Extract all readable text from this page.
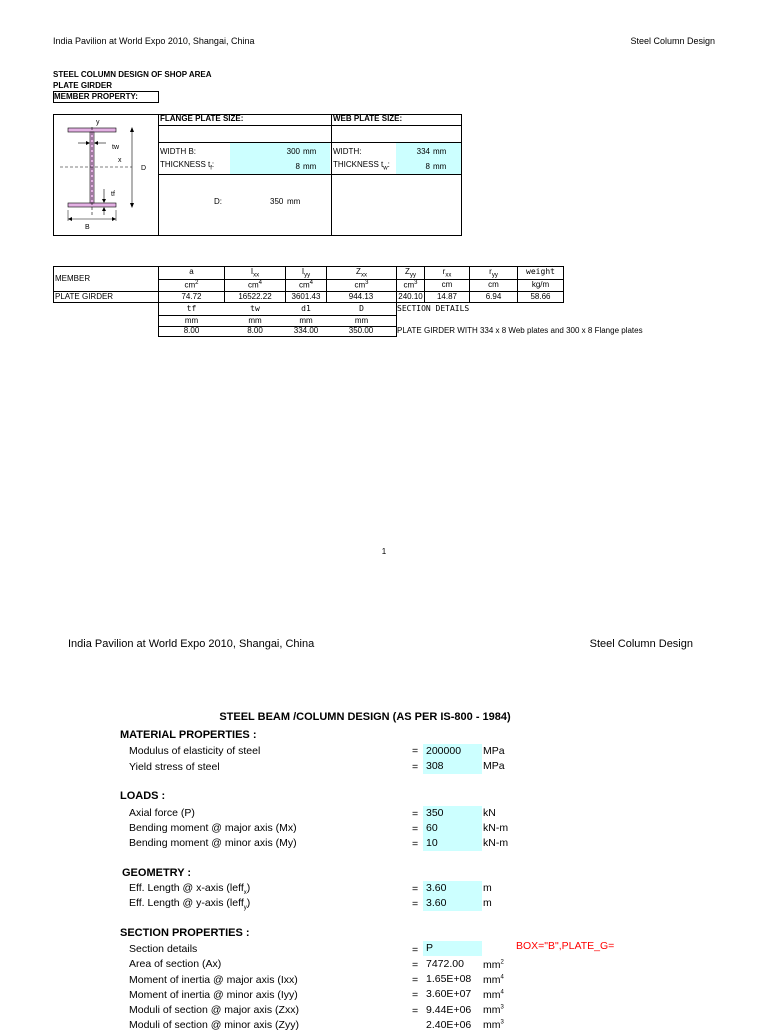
India Pavilion at World Expo 2010, Shangai, China	Steel Column Design
STEEL COLUMN DESIGN OF SHOP AREA
PLATE GIRDER
MEMBER PROPERTY:
FLANGE PLATE SIZE:	WEB PLATE SIZE:
WIDTH B:	300 mm
THICKNESS $t_f$:	8 mm
WIDTH:	334 mm
THICKNESS $t_w$:	8 mm
D:	350 mm
y
tw
x
D
tf
B
MEMBER
a	$I_{xx}$	$I_{yy}$	$Z_{xx}$	$Z_{yy}$	$r_{xx}$	$r_{yy}$	weight
$cm^2$	$cm^4$	$cm^4$	$cm^3$	$cm^3$	cm	cm	kg/m
PLATE GIRDER	74.72	16522.22	3601.43	944.13	240.10	14.87	6.94	58.66
tf	tw	d1	D	SECTION DETAILS
mm	mm	mm	mm
8.00	8.00	334.00	350.00	PLATE GIRDER WITH 334 x 8 Web plates and 300 x 8 Flange plates
1
India Pavilion at World Expo 2010, Shangai, China	Steel Column Design
STEEL BEAM /COLUMN DESIGN (AS PER IS-800 - 1984)
MATERIAL PROPERTIES :
Modulus of elasticity of steel	= 200000	MPa
Yield stress of steel	= 308	MPa
LOADS :
Axial force (P)	= 350	kN
Bending moment @ major axis (Mx)	= 60	kN-m
Bending moment @ minor axis (My)	= 10	kN-m
GEOMETRY :
Eff. Length @ x-axis (leff$_x$)	= 3.60	m
Eff. Length @ y-axis (leff$_y$)	= 3.60	m
SECTION PROPERTIES :
Section details	= P	BOX="B",PLATE_G=
Area of section (Ax)	= 7472.00 $mm^2$
Moment of inertia @ major axis (Ixx)	= 1.65E+08 $mm^4$
Moment of inertia @ minor axis (Iyy)	= 3.60E+07 $mm^4$
Moduli of section @ major axis (Zxx)	= 9.44E+06 $mm^3$
Moduli of section @ minor axis (Zyy)	2.40E+06 $mm^3$
